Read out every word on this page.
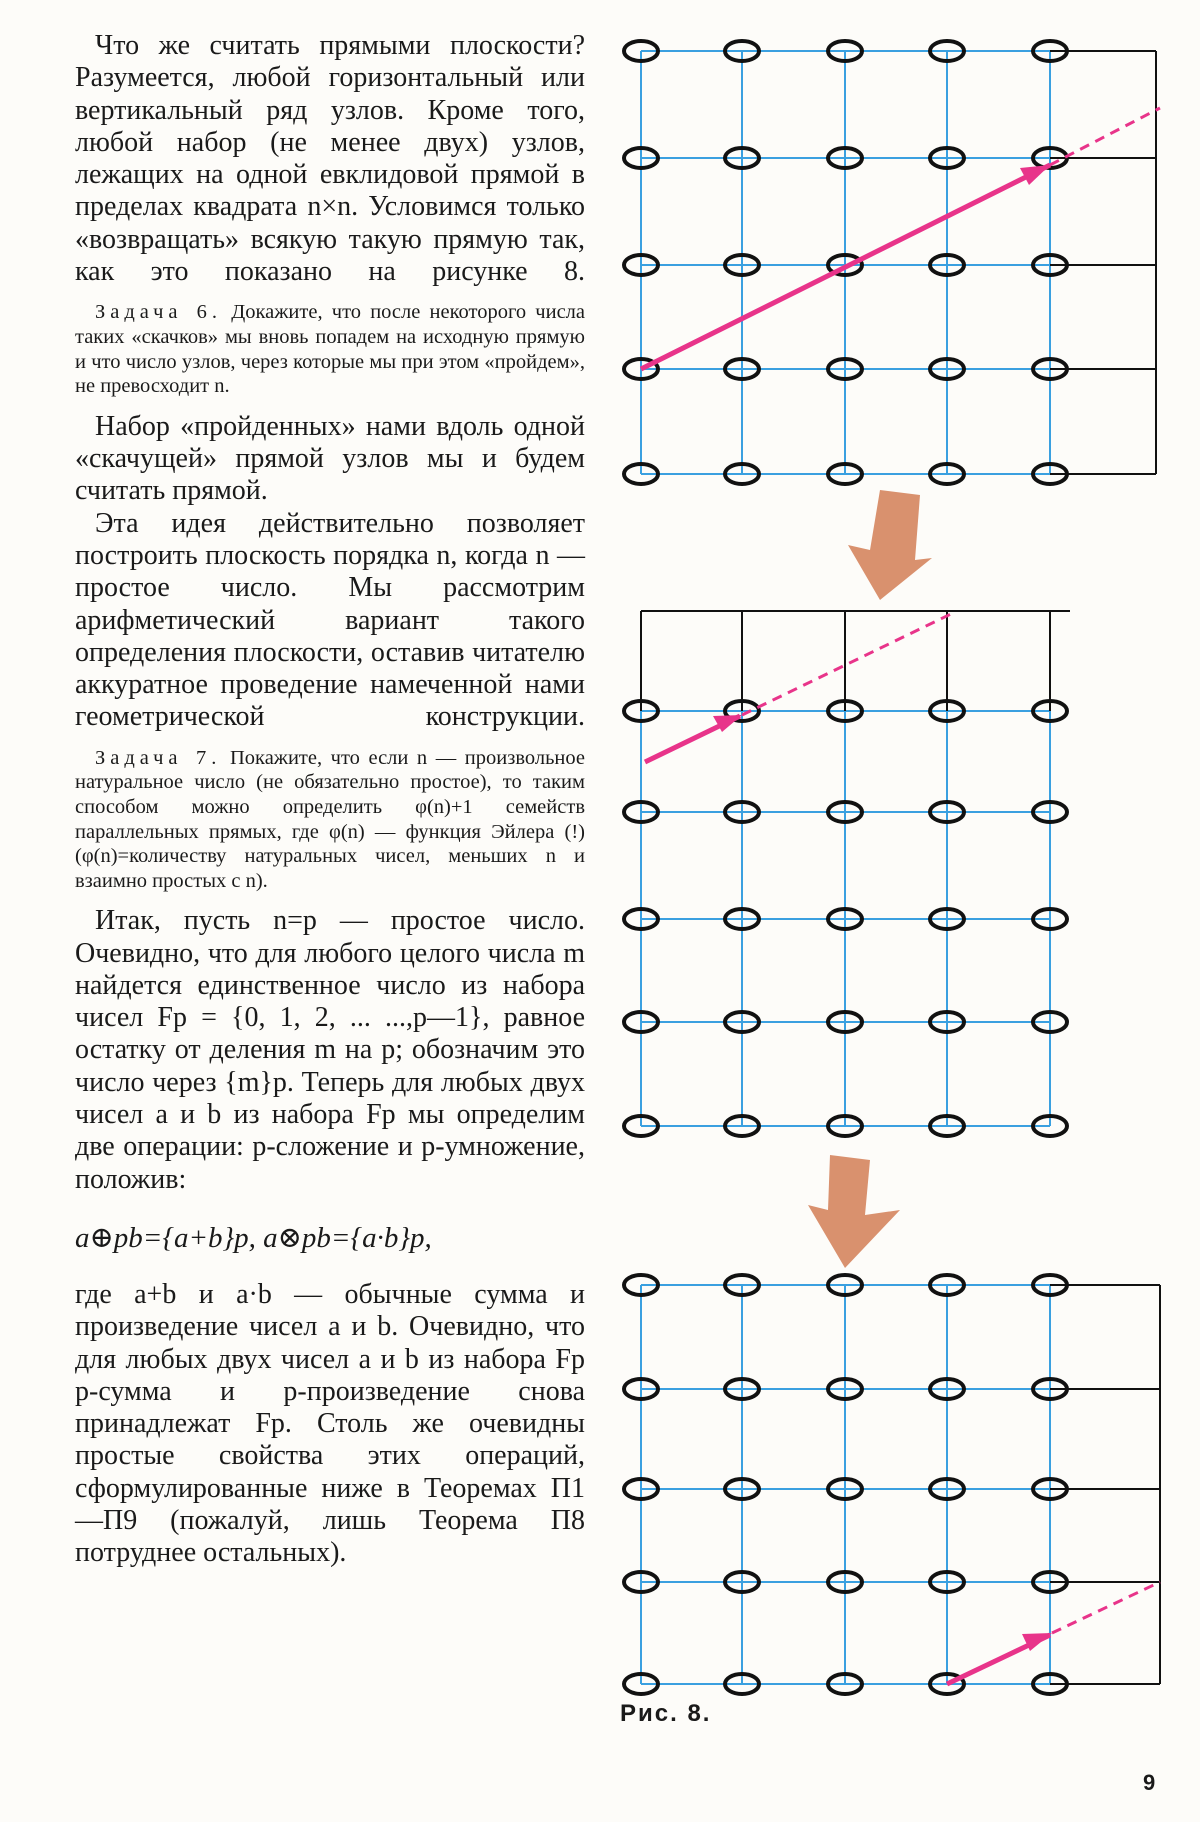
Что же считать прямыми плоскости? Разумеется, любой горизонтальный или вертикальный ряд узлов. Кроме того, любой набор (не менее двух) узлов, лежащих на одной евклидовой прямой в пределах квадрата n×n. Условимся только «возвращать» всякую такую прямую так, как это показано на рисунке 8.

Задача 6. Докажите, что после некоторого числа таких «скачков» мы вновь попадем на исходную прямую и что число узлов, через которые мы при этом «пройдем», не превосходит n.

Набор «пройденных» нами вдоль одной «скачущей» прямой узлов мы и будем считать прямой.

Эта идея действительно позволяет построить плоскость порядка n, когда n — простое число. Мы рассмотрим арифметический вариант такого определения плоскости, оставив читателю аккуратное проведение намеченной нами геометрической конструкции.

Задача 7. Покажите, что если n — произвольное натуральное число (не обязательно простое), то таким способом можно определить φ(n)+1 семейств параллельных прямых, где φ(n) — функция Эйлера (!) (φ(n)=количеству натуральных чисел, меньших n и взаимно простых с n).

Итак, пусть n=p — простое число. Очевидно, что для любого целого числа m найдется единственное число из набора чисел Fp = {0, 1, 2, ... ...,p—1}, равное остатку от деления m на p; обозначим это число через {m}p. Теперь для любых двух чисел a и b из набора Fp мы определим две операции: p-сложение и p-умножение, положив:

a⊕pb={a+b}p, a⊗pb={a·b}p,

где a+b и a·b — обычные сумма и произведение чисел a и b. Очевидно, что для любых двух чисел a и b из набора Fp p-сумма и p-произведение снова принадлежат Fp. Столь же очевидны простые свойства этих операций, сформулированные ниже в Теоремах П1—П9 (пожалуй, лишь Теорема П8 потруднее остальных).

Рис. 8.
9
